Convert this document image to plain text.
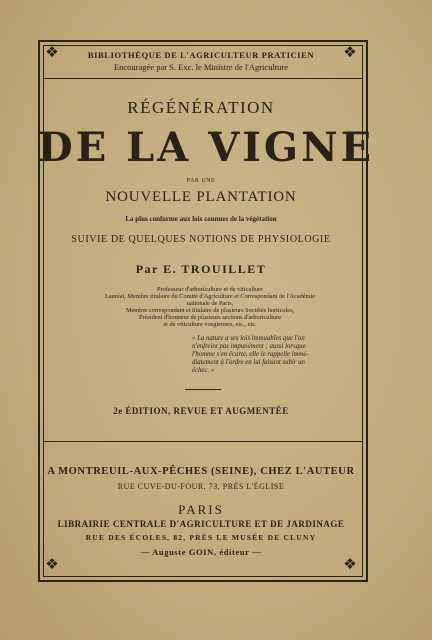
❖	❖
❖	❖
BIBLIOTHÈQUE DE L'AGRICULTEUR PRATICIEN
Encouragée par S. Exc. le Ministre de l'Agriculture
RÉGÉNÉRATION
DE LA VIGNE
PAR UNE
NOUVELLE PLANTATION
La plus conforme aux lois connues de la végétation
SUIVIE DE QUELQUES NOTIONS DE PHYSIOLOGIE
Par E. TROUILLET
Professeur d'arboriculture et de viticulture
Lauréat, Membre titulaire du Comité d'Agriculture et Correspondant de l'Académie
nationale de Paris,
Membre correspondant et titulaire de plusieurs Sociétés horticoles,
Président d'honneur de plusieurs sections d'arboriculture
et de viticulture vosgiennes, etc., etc.
« La nature a ses lois immuables que l'on
n'enfreint pas impunément ; aussi lorsque
l'homme s'en écarte, elle le rappelle immé-
diatement à l'ordre en lui faisant subir un
échec. »
2e ÉDITION, REVUE ET AUGMENTÉE
A MONTREUIL-AUX-PÊCHES (SEINE), CHEZ L'AUTEUR
RUE CUVE-DU-FOUR, 73, PRÈS L'ÉGLISE
PARIS
LIBRAIRIE CENTRALE D'AGRICULTURE ET DE JARDINAGE
RUE DES ÉCOLES, 82, PRÈS LE MUSÉE DE CLUNY
— Auguste GOIN, éditeur —
